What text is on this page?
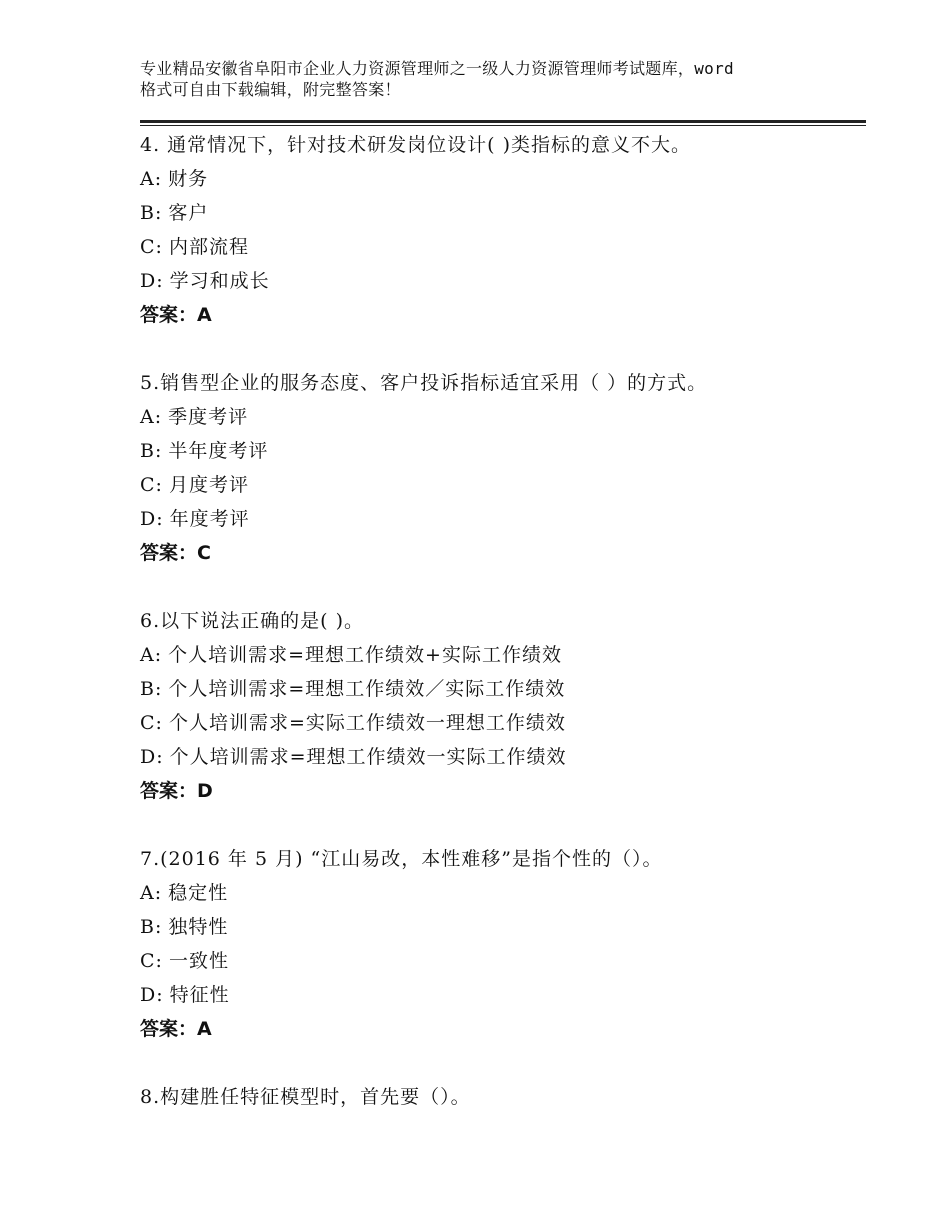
专业精品安徽省阜阳市企业人力资源管理师之一级人力资源管理师考试题库，word
格式可自由下载编辑，附完整答案！
4. 通常情况下，针对技术研发岗位设计( )类指标的意义不大。
A: 财务
B: 客户
C: 内部流程
D: 学习和成长
答案：A
5.销售型企业的服务态度、客户投诉指标适宜采用（ ）的方式。
A: 季度考评
B: 半年度考评
C: 月度考评
D: 年度考评
答案：C
6.以下说法正确的是( )。
A: 个人培训需求=理想工作绩效+实际工作绩效
B: 个人培训需求=理想工作绩效／实际工作绩效
C: 个人培训需求=实际工作绩效一理想工作绩效
D: 个人培训需求=理想工作绩效一实际工作绩效
答案：D
7.(2016 年 5 月) “江山易改，本性难移”是指个性的（）。
A: 稳定性
B: 独特性
C: 一致性
D: 特征性
答案：A
8.构建胜任特征模型时，首先要（）。
